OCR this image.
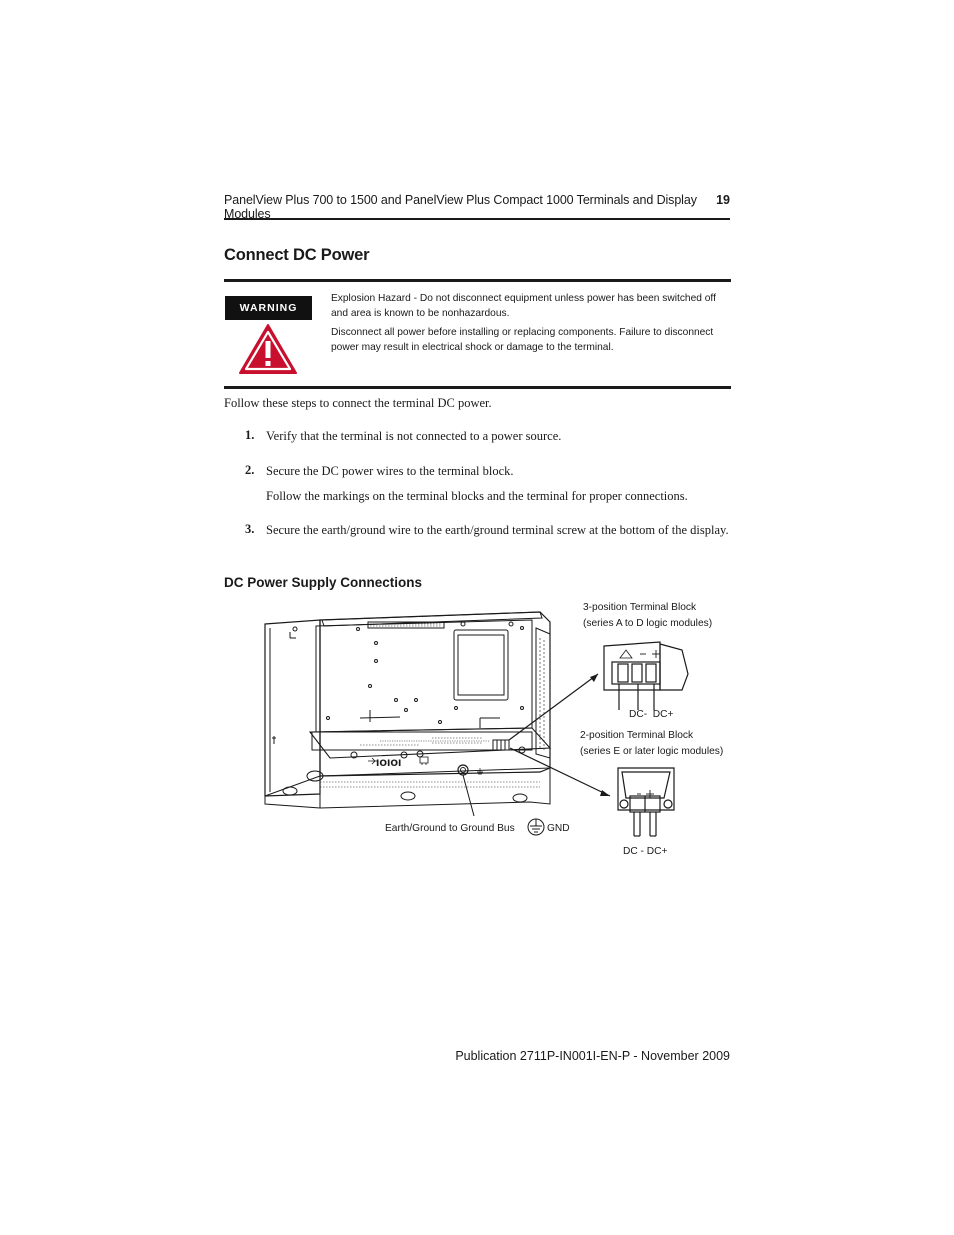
PanelView Plus 700 to 1500 and PanelView Plus Compact 1000 Terminals and Display Modules
19
Connect DC Power
WARNING

Explosion Hazard - Do not disconnect equipment unless power has been switched off and area is known to be nonhazardous.

Disconnect all power before installing or replacing components. Failure to disconnect power may result in electrical shock or damage to the terminal.

Follow these steps to connect the terminal DC power.
1. Verify that the terminal is not connected to a power source.
2. Secure the DC power wires to the terminal block.
Follow the markings on the terminal blocks and the terminal for proper connections.
3. Secure the earth/ground wire to the earth/ground terminal screw at the bottom of the display.
DC Power Supply Connections
3-position Terminal Block
(series A to D logic modules)
DC-  DC+
2-position Terminal Block
(series E or later logic modules)
DC - DC+
Earth/Ground to Ground Bus	GND
IOIOI
Publication 2711P-IN001I-EN-P - November 2009
